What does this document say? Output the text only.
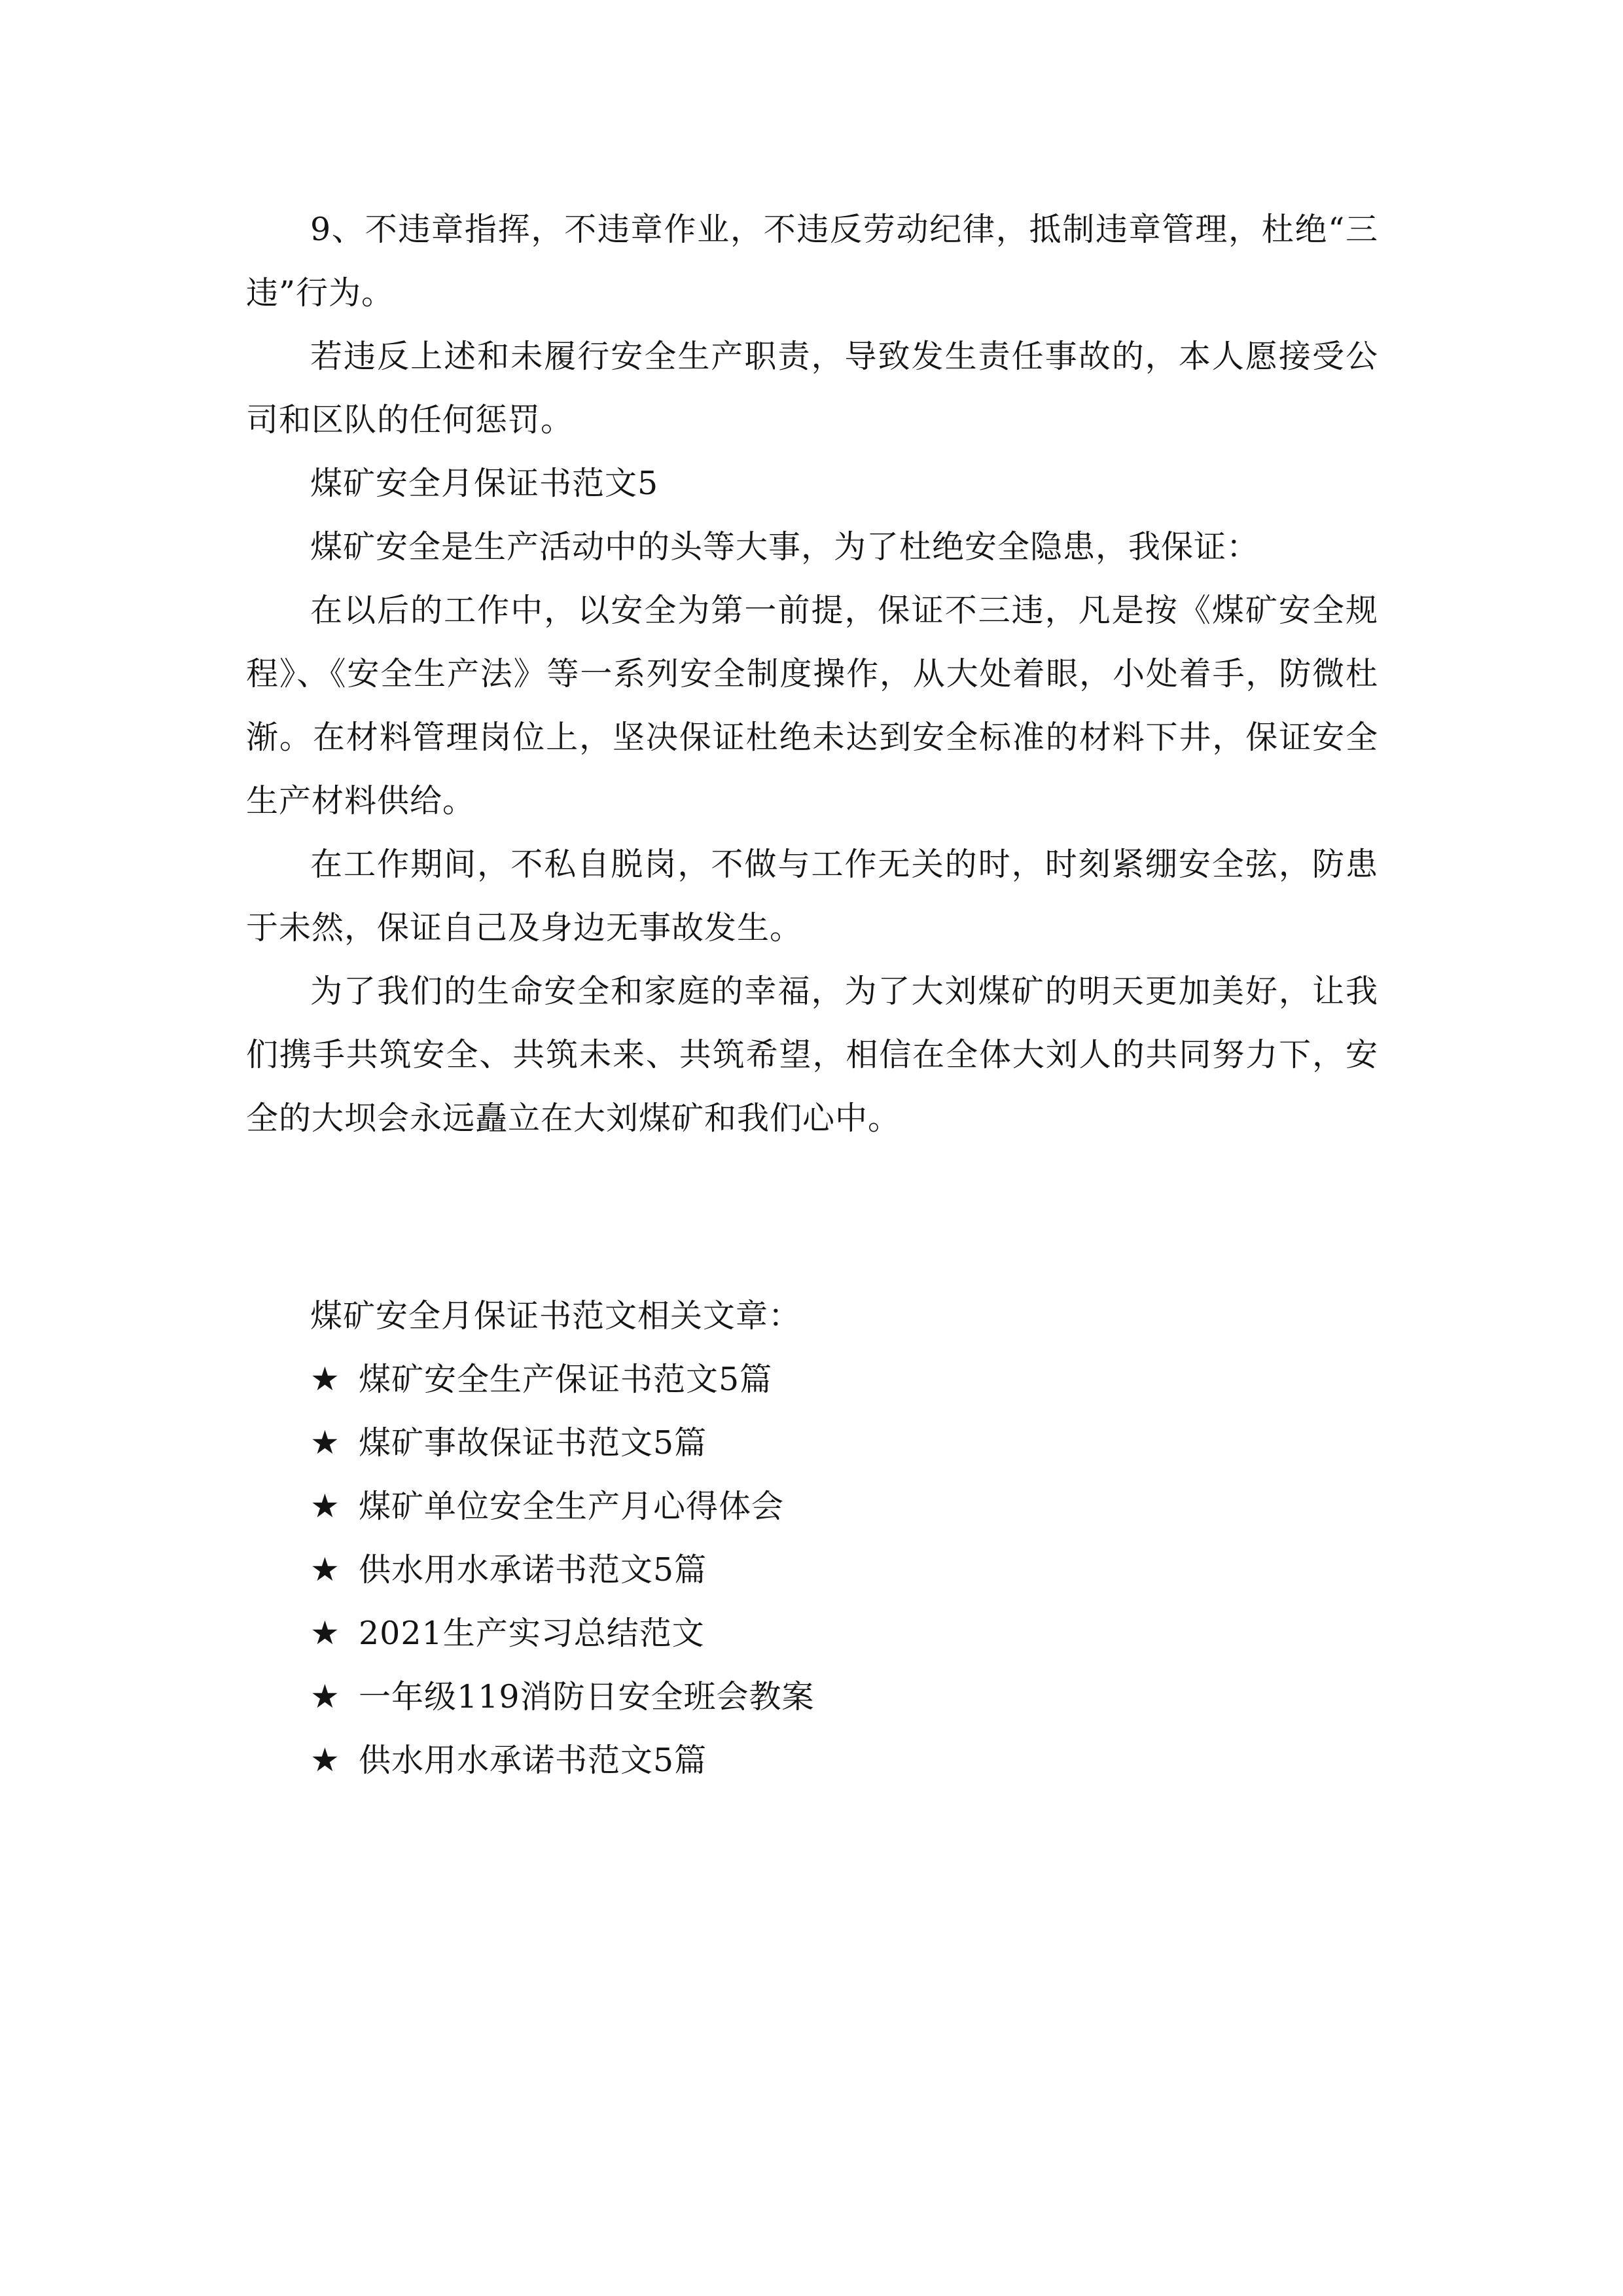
9、不违章指挥，不违章作业，不违反劳动纪律，抵制违章管理，杜绝“三违”行为。

若违反上述和未履行安全生产职责，导致发生责任事故的，本人愿接受公司和区队的任何惩罚。

煤矿安全月保证书范文5

煤矿安全是生产活动中的头等大事，为了杜绝安全隐患，我保证：

在以后的工作中，以安全为第一前提，保证不三违，凡是按《煤矿安全规程》、《安全生产法》等一系列安全制度操作，从大处着眼，小处着手，防微杜渐。在材料管理岗位上，坚决保证杜绝未达到安全标准的材料下井，保证安全生产材料供给。

在工作期间，不私自脱岗，不做与工作无关的时，时刻紧绷安全弦，防患于未然，保证自己及身边无事故发生。

为了我们的生命安全和家庭的幸福，为了大刘煤矿的明天更加美好，让我们携手共筑安全、共筑未来、共筑希望，相信在全体大刘人的共同努力下，安全的大坝会永远矗立在大刘煤矿和我们心中。

煤矿安全月保证书范文相关文章：

★ 煤矿安全生产保证书范文5篇
★ 煤矿事故保证书范文5篇
★ 煤矿单位安全生产月心得体会
★ 供水用水承诺书范文5篇
★ 2021生产实习总结范文
★ 一年级119消防日安全班会教案
★ 供水用水承诺书范文5篇
